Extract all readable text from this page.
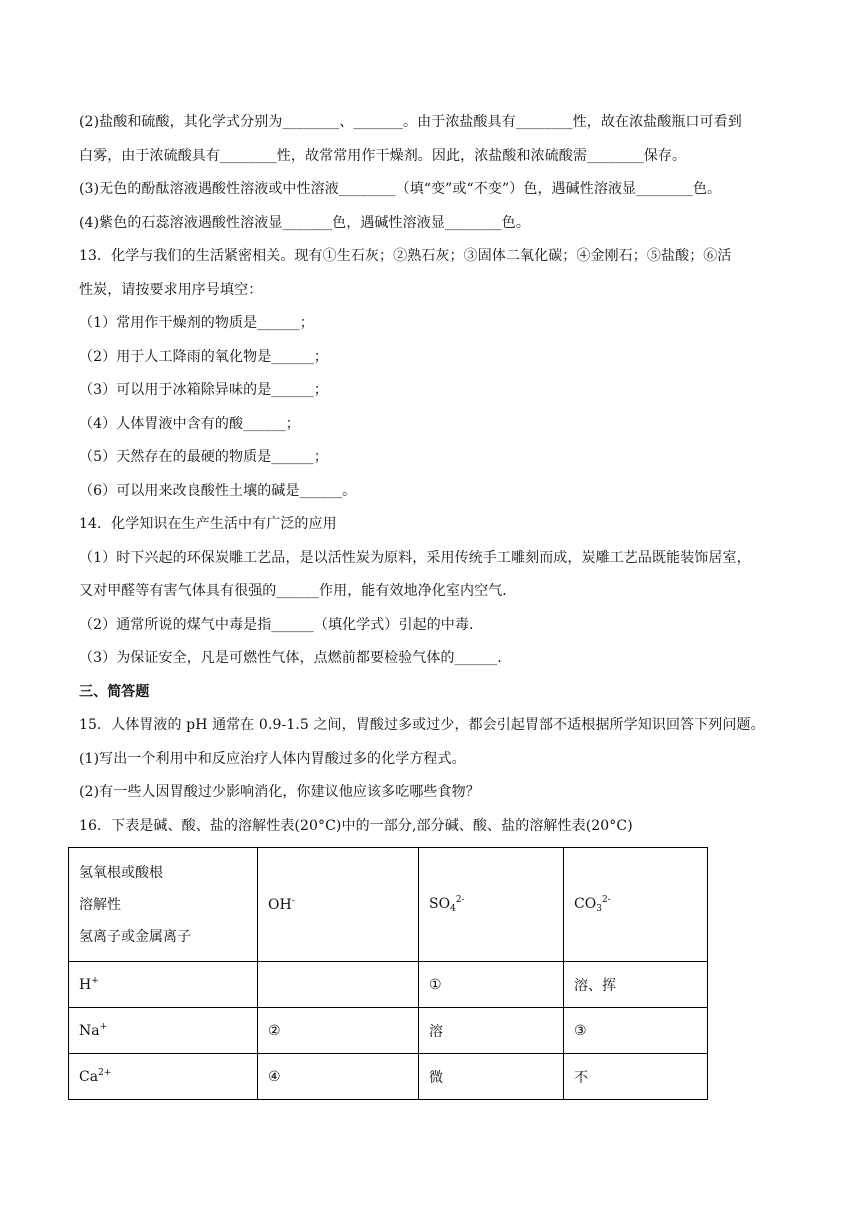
(2)盐酸和硫酸，其化学式分别为________、_______。由于浓盐酸具有________性，故在浓盐酸瓶口可看到
白雾，由于浓硫酸具有________性，故常常用作干燥剂。因此，浓盐酸和浓硫酸需________保存。
(3)无色的酚酞溶液遇酸性溶液或中性溶液________（填“变”或“不变”）色，遇碱性溶液显________色。
(4)紫色的石蕊溶液遇酸性溶液显_______色，遇碱性溶液显________色。
13．化学与我们的生活紧密相关。现有①生石灰；②熟石灰；③固体二氧化碳；④金刚石；⑤盐酸；⑥活
性炭，请按要求用序号填空：
（1）常用作干燥剂的物质是______；
（2）用于人工降雨的氧化物是______；
（3）可以用于冰箱除异味的是______；
（4）人体胃液中含有的酸______；
（5）天然存在的最硬的物质是______；
（6）可以用来改良酸性土壤的碱是______。
14．化学知识在生产生活中有广泛的应用
（1）时下兴起的环保炭雕工艺品，是以活性炭为原料，采用传统手工雕刻而成，炭雕工艺品既能装饰居室，
又对甲醛等有害气体具有很强的______作用，能有效地净化室内空气.
（2）通常所说的煤气中毒是指______（填化学式）引起的中毒.
（3）为保证安全，凡是可燃性气体，点燃前都要检验气体的______.
三、简答题
15．人体胃液的 pH 通常在 0.9-1.5 之间，胃酸过多或过少，都会引起胃部不适根据所学知识回答下列问题。
(1)写出一个利用中和反应治疗人体内胃酸过多的化学方程式。
(2)有一些人因胃酸过少影响消化，你建议他应该多吃哪些食物？
16．下表是碱、酸、盐的溶解性表(20°C)中的一部分,部分碱、酸、盐的溶解性表(20°C)
氢氧根或酸根
溶解性
氢离子或金属离子	OH-	$SO_4^{2-}$	$CO_3^{2-}$
H+		①	溶、挥
Na+	②	溶	③
$Ca^{2+}$	④	微	不
